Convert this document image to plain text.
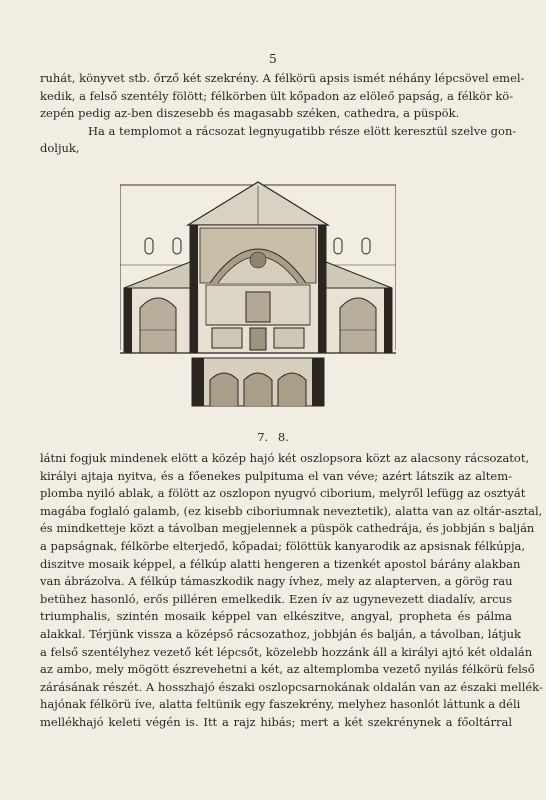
5
ruhát, könyvet stb. őrző két szekrény. A félkörü apsis ismét néhány lépcsövel emel-
kedik, a felső szentély fölött; félkörben ült kőpadon az elöleő papság, a félkör kö-
zepén pedig az-ben diszesebb és magasabb széken, cathedra, a püspök.
Ha a templomot a rácsozat legnyugatibb része elött keresztül szelve gon-
doljuk,
7. 8.
látni fogjuk mindenek elött a közép hajó két oszlopsora közt az alacsony rácsozatot,
királyi ajtaja nyitva, és a főenekes pulpituma el van véve; azért látszik az altem-
plomba nyiló ablak, a fölött az oszlopon nyugvó ciborium, melyről lefügg az osztyát
magába foglaló galamb, (ez kisebb ciboriumnak neveztetik), alatta van az oltár-asztal,
és mindketteje közt a távolban megjelennek a püspök cathedrája, és jobbján s balján
a papságnak, félkörbe elterjedő, kőpadai; fölöttük kanyarodik az apsisnak félkúpja,
diszitve mosaik képpel, a félkúp alatti hengeren a tizenkét apostol bárány alakban
van ábrázolva. A félkúp támaszkodik nagy ívhez, mely az alapterven, a görög rau
betühez hasonló, erős pilléren emelkedik. Ezen ív az ugynevezett diadalív, arcus
triumphalis, szintén mosaik képpel van elkészitve, angyal, propheta és pálma
alakkal. Térjünk vissza a középső rácsozathoz, jobbján és balján, a távolban, látjuk
a felső szentélyhez vezető két lépcsőt, közelebb hozzánk áll a királyi ajtó két oldalán
az ambo, mely mögött észrevehetni a két, az altemplomba vezető nyilás félkörü felső
zárásának részét. A hosszhajó északi oszlopcsarnokának oldalán van az északi mellék-
hajónak félkörü íve, alatta feltünik egy faszekrény, melyhez hasonlót láttunk a déli
mellékhajó keleti végén is. Itt a rajz hibás; mert a két szekrénynek a főoltárral
